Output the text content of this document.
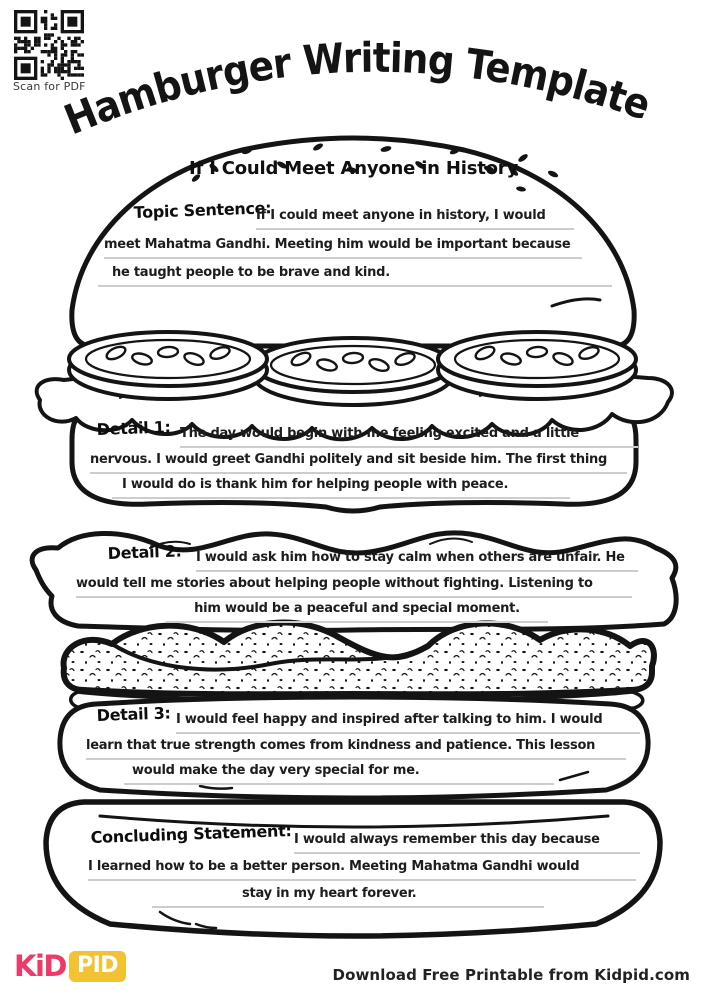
Scan for PDF
Hamburger Writing Template
If I Could Meet Anyone in History
Topic Sentence:
If I could meet anyone in history, I would
meet Mahatma Gandhi. Meeting him would be important because
he taught people to be brave and kind.
Detail 1: The day would begin with me feeling excited and a little
nervous. I would greet Gandhi politely and sit beside him. The first thing
I would do is thank him for helping people with peace.
Detail 2: I would ask him how to stay calm when others are unfair. He
would tell me stories about helping people without fighting. Listening to
him would be a peaceful and special moment.
Detail 3: I would feel happy and inspired after talking to him. I would
learn that true strength comes from kindness and patience. This lesson
would make the day very special for me.
Concluding Statement: I would always remember this day because
I learned how to be a better person. Meeting Mahatma Gandhi would
stay in my heart forever.
KiD PID	Download Free Printable from Kidpid.com
